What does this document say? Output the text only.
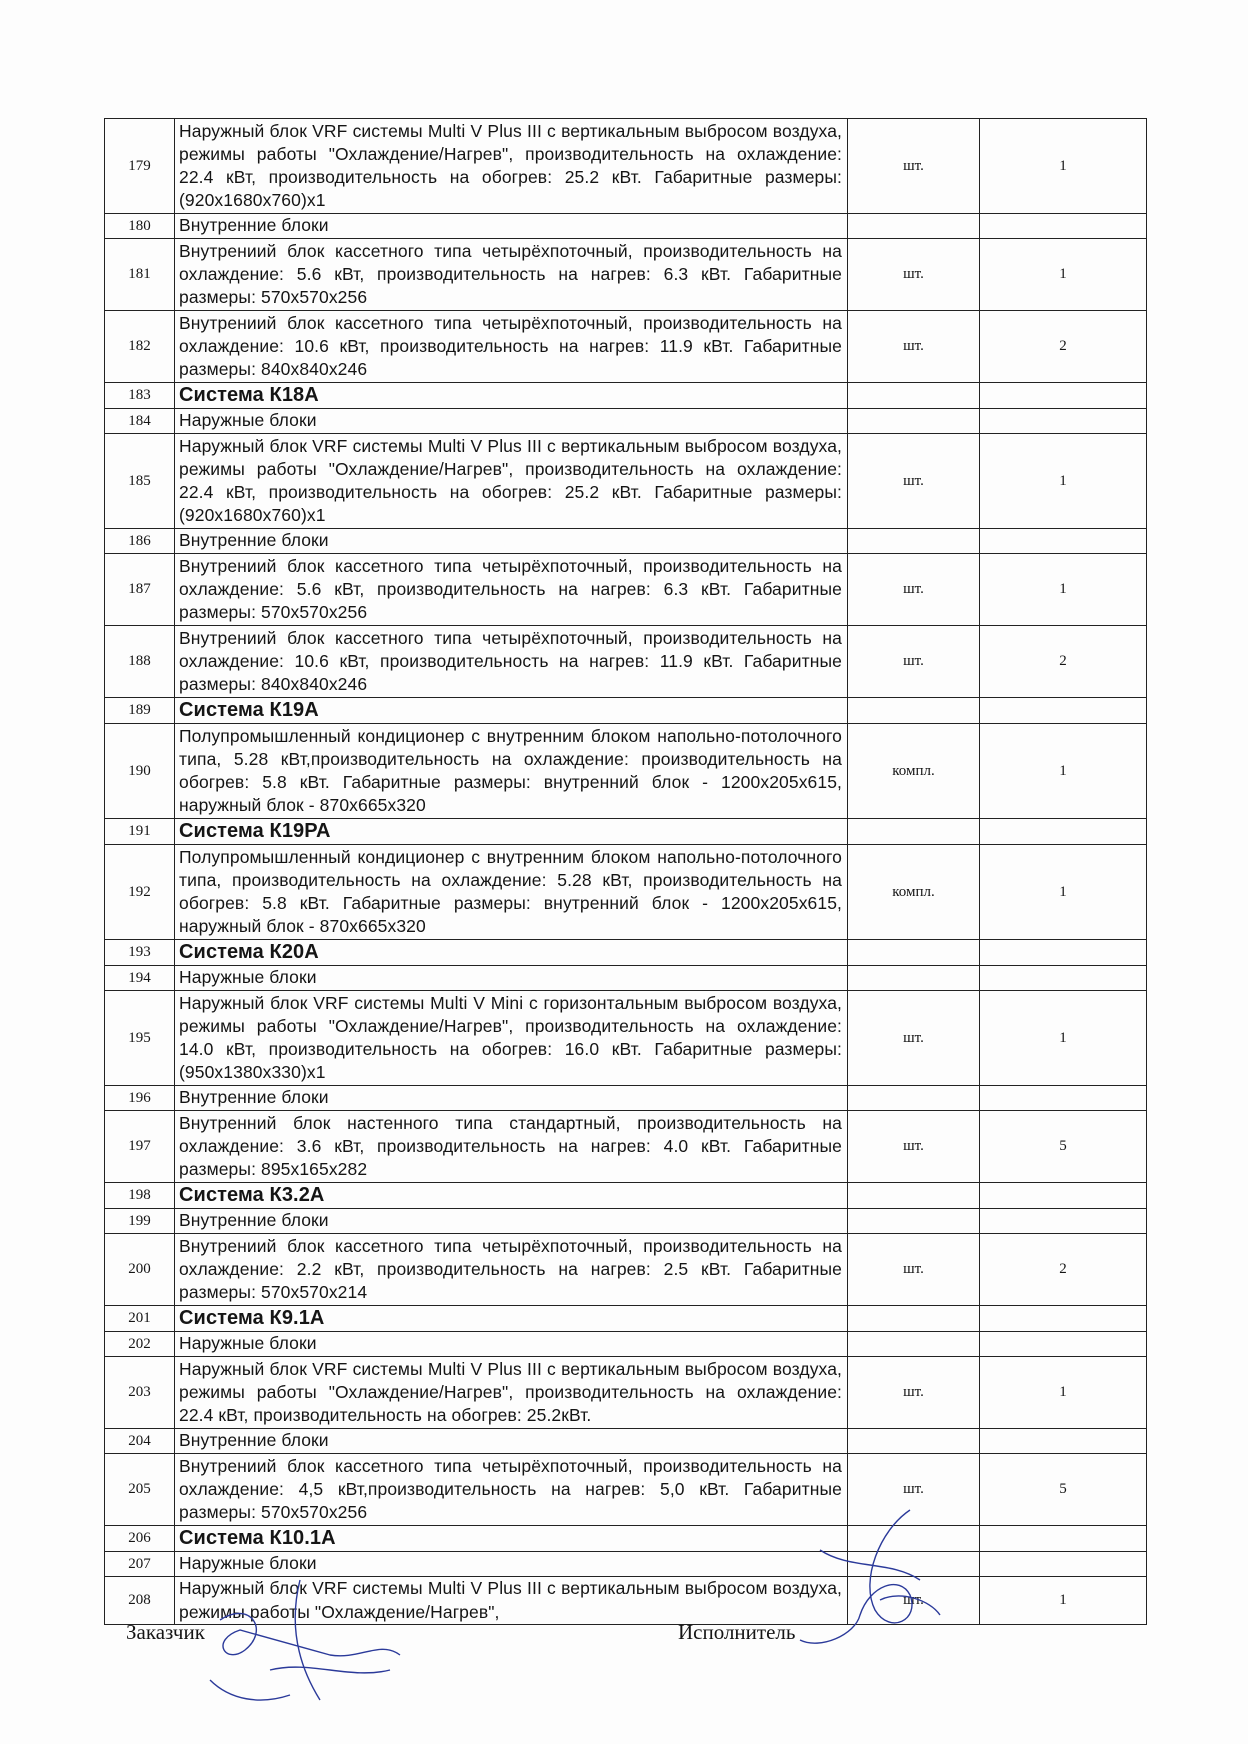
179	Наружный блок VRF системы Multi V Plus III с вертикальным выбросом воздуха, режимы работы "Охлаждение/Нагрев", производительность на охлаждение: 22.4 кВт, производительность на обогрев: 25.2 кВт. Габаритные размеры: (920x1680x760)x1	шт.	1
180	Внутренние блоки		
181	Внутрениий блок кассетного типа четырёхпоточный, производительность на охлаждение: 5.6 кВт, производительность на нагрев: 6.3 кВт. Габаритные размеры: 570x570x256	шт.	1
182	Внутрениий блок кассетного типа четырёхпоточный, производительность на охлаждение: 10.6 кВт, производительность на нагрев: 11.9 кВт. Габаритные размеры: 840x840x246	шт.	2
183	Система К18А		
184	Наружные блоки		
185	Наружный блок VRF системы Multi V Plus III с вертикальным выбросом воздуха, режимы работы "Охлаждение/Нагрев", производительность на охлаждение: 22.4 кВт, производительность на обогрев: 25.2 кВт. Габаритные размеры: (920x1680x760)x1	шт.	1
186	Внутренние блоки		
187	Внутрениий блок кассетного типа четырёхпоточный, производительность на охлаждение: 5.6 кВт, производительность на нагрев: 6.3 кВт. Габаритные размеры: 570x570x256	шт.	1
188	Внутрениий блок кассетного типа четырёхпоточный, производительность на охлаждение: 10.6 кВт, производительность на нагрев: 11.9 кВт. Габаритные размеры: 840x840x246	шт.	2
189	Система К19А		
190	Полупромышленный кондиционер с внутренним блоком напольно-потолочного типа, 5.28 кВт,производительность на охлаждение: производительность на обогрев: 5.8 кВт. Габаритные размеры: внутренний блок - 1200x205x615, наружный блок - 870x665x320	компл.	1
191	Система К19РА		
192	Полупромышленный кондиционер с внутренним блоком напольно-потолочного типа, производительность на охлаждение: 5.28 кВт, производительность на обогрев: 5.8 кВт. Габаритные размеры: внутренний блок - 1200x205x615, наружный блок - 870x665x320	компл.	1
193	Система К20А		
194	Наружные блоки		
195	Наружный блок VRF системы Multi V Mini с горизонтальным выбросом воздуха, режимы работы "Охлаждение/Нагрев", производительность на охлаждение: 14.0 кВт, производительность на обогрев: 16.0 кВт. Габаритные размеры: (950x1380x330)x1	шт.	1
196	Внутренние блоки		
197	Внутренний блок настенного типа стандартный, производительность на охлаждение: 3.6 кВт, производительность на нагрев: 4.0 кВт. Габаритные размеры: 895x165x282	шт.	5
198	Система К3.2А		
199	Внутренние блоки		
200	Внутрениий блок кассетного типа четырёхпоточный, производительность на охлаждение: 2.2 кВт, производительность на нагрев: 2.5 кВт. Габаритные размеры: 570x570x214	шт.	2
201	Система К9.1А		
202	Наружные блоки		
203	Наружный блок VRF системы Multi V Plus III с вертикальным выбросом воздуха, режимы работы "Охлаждение/Нагрев", производительность на охлаждение: 22.4 кВт, производительность на обогрев: 25.2кВт.	шт.	1
204	Внутренние блоки		
205	Внутрениий блок кассетного типа четырёхпоточный, производительность на охлаждение: 4,5 кВт,производительность на нагрев: 5,0 кВт. Габаритные размеры: 570x570x256	шт.	5
206	Система К10.1А		
207	Наружные блоки		
208	Наружный блок VRF системы Multi V Plus III с вертикальным выбросом воздуха, режимы работы "Охлаждение/Нагрев",	шт.	1
Заказчик	Исполнитель
